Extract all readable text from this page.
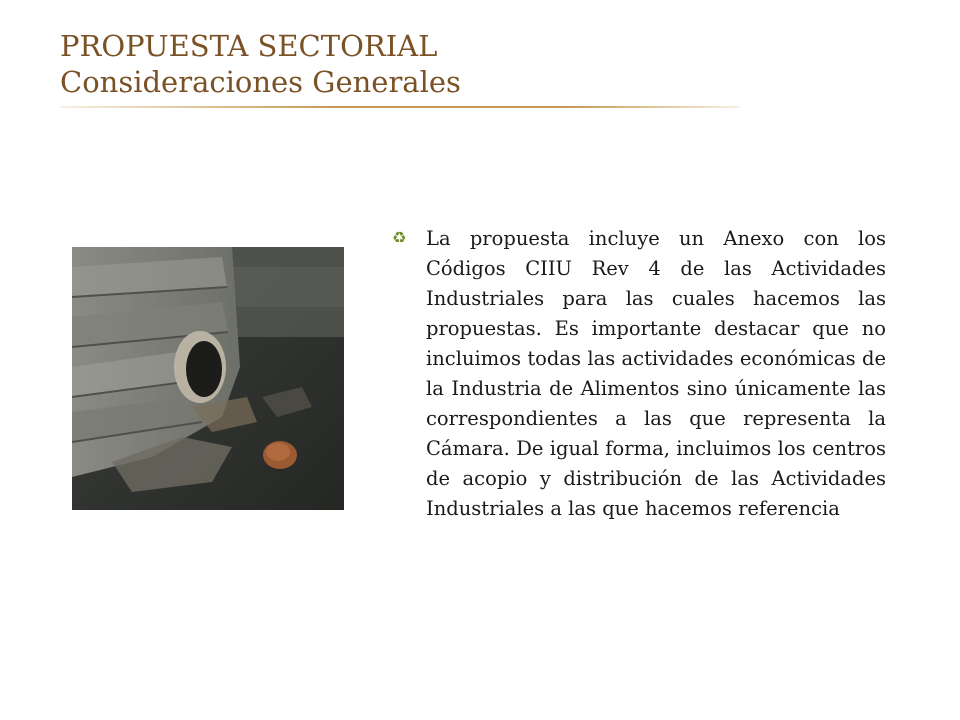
PROPUESTA SECTORIAL
Consideraciones Generales
♻ La propuesta incluye un Anexo con los Códigos CIIU Rev 4 de las Actividades Industriales para las cuales hacemos las propuestas. Es importante destacar que no incluimos todas las actividades económicas de la Industria de Alimentos sino únicamente las correspondientes a las que representa la Cámara. De igual forma, incluimos los centros de acopio y distribución de las Actividades Industriales a las que hacemos referencia
